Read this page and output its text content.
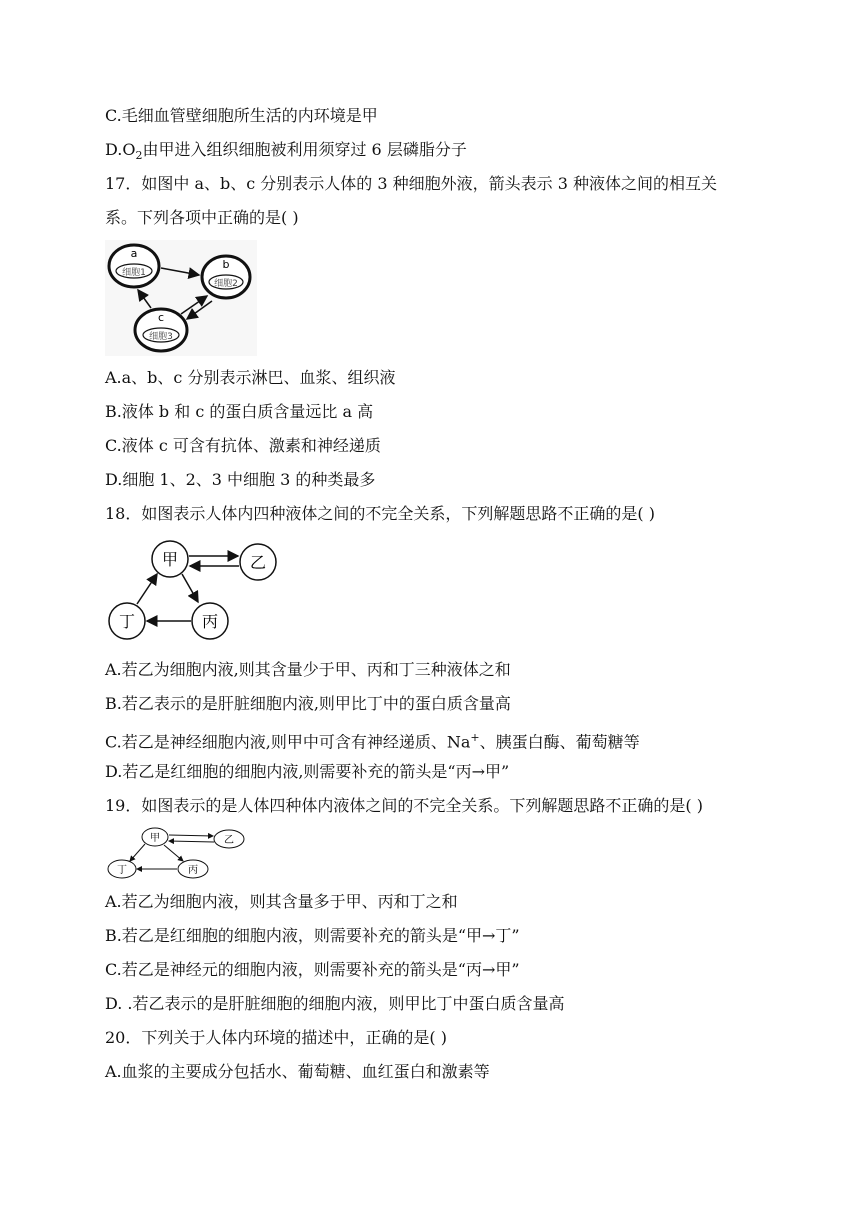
C.毛细血管壁细胞所生活的内环境是甲
$D.O_2$由甲进入组织细胞被利用须穿过 6 层磷脂分子
17．如图中 a、b、c 分别表示人体的 3 种细胞外液，箭头表示 3 种液体之间的相互关
系。下列各项中正确的是( )
a
细胞1
b
细胞2
c
细胞3
A.a、b、c 分别表示淋巴、血浆、组织液
B.液体 b 和 c 的蛋白质含量远比 a 高
C.液体 c 可含有抗体、激素和神经递质
D.细胞 1、2、3 中细胞 3 的种类最多
18．如图表示人体内四种液体之间的不完全关系，下列解题思路不正确的是( )
甲	乙
丁	丙
A.若乙为细胞内液,则其含量少于甲、丙和丁三种液体之和
B.若乙表示的是肝脏细胞内液,则甲比丁中的蛋白质含量高
C.若乙是神经细胞内液,则甲中可含有神经递质、Na+、胰蛋白酶、葡萄糖等
D.若乙是红细胞的细胞内液,则需要补充的箭头是“丙→甲”
19．如图表示的是人体四种体内液体之间的不完全关系。下列解题思路不正确的是( )
甲	乙
丁	丙
A.若乙为细胞内液，则其含量多于甲、丙和丁之和
B.若乙是红细胞的细胞内液，则需要补充的箭头是“甲→丁”
C.若乙是神经元的细胞内液，则需要补充的箭头是“丙→甲”
D. .若乙表示的是肝脏细胞的细胞内液，则甲比丁中蛋白质含量高
20．下列关于人体内环境的描述中，正确的是( )
A.血浆的主要成分包括水、葡萄糖、血红蛋白和激素等
